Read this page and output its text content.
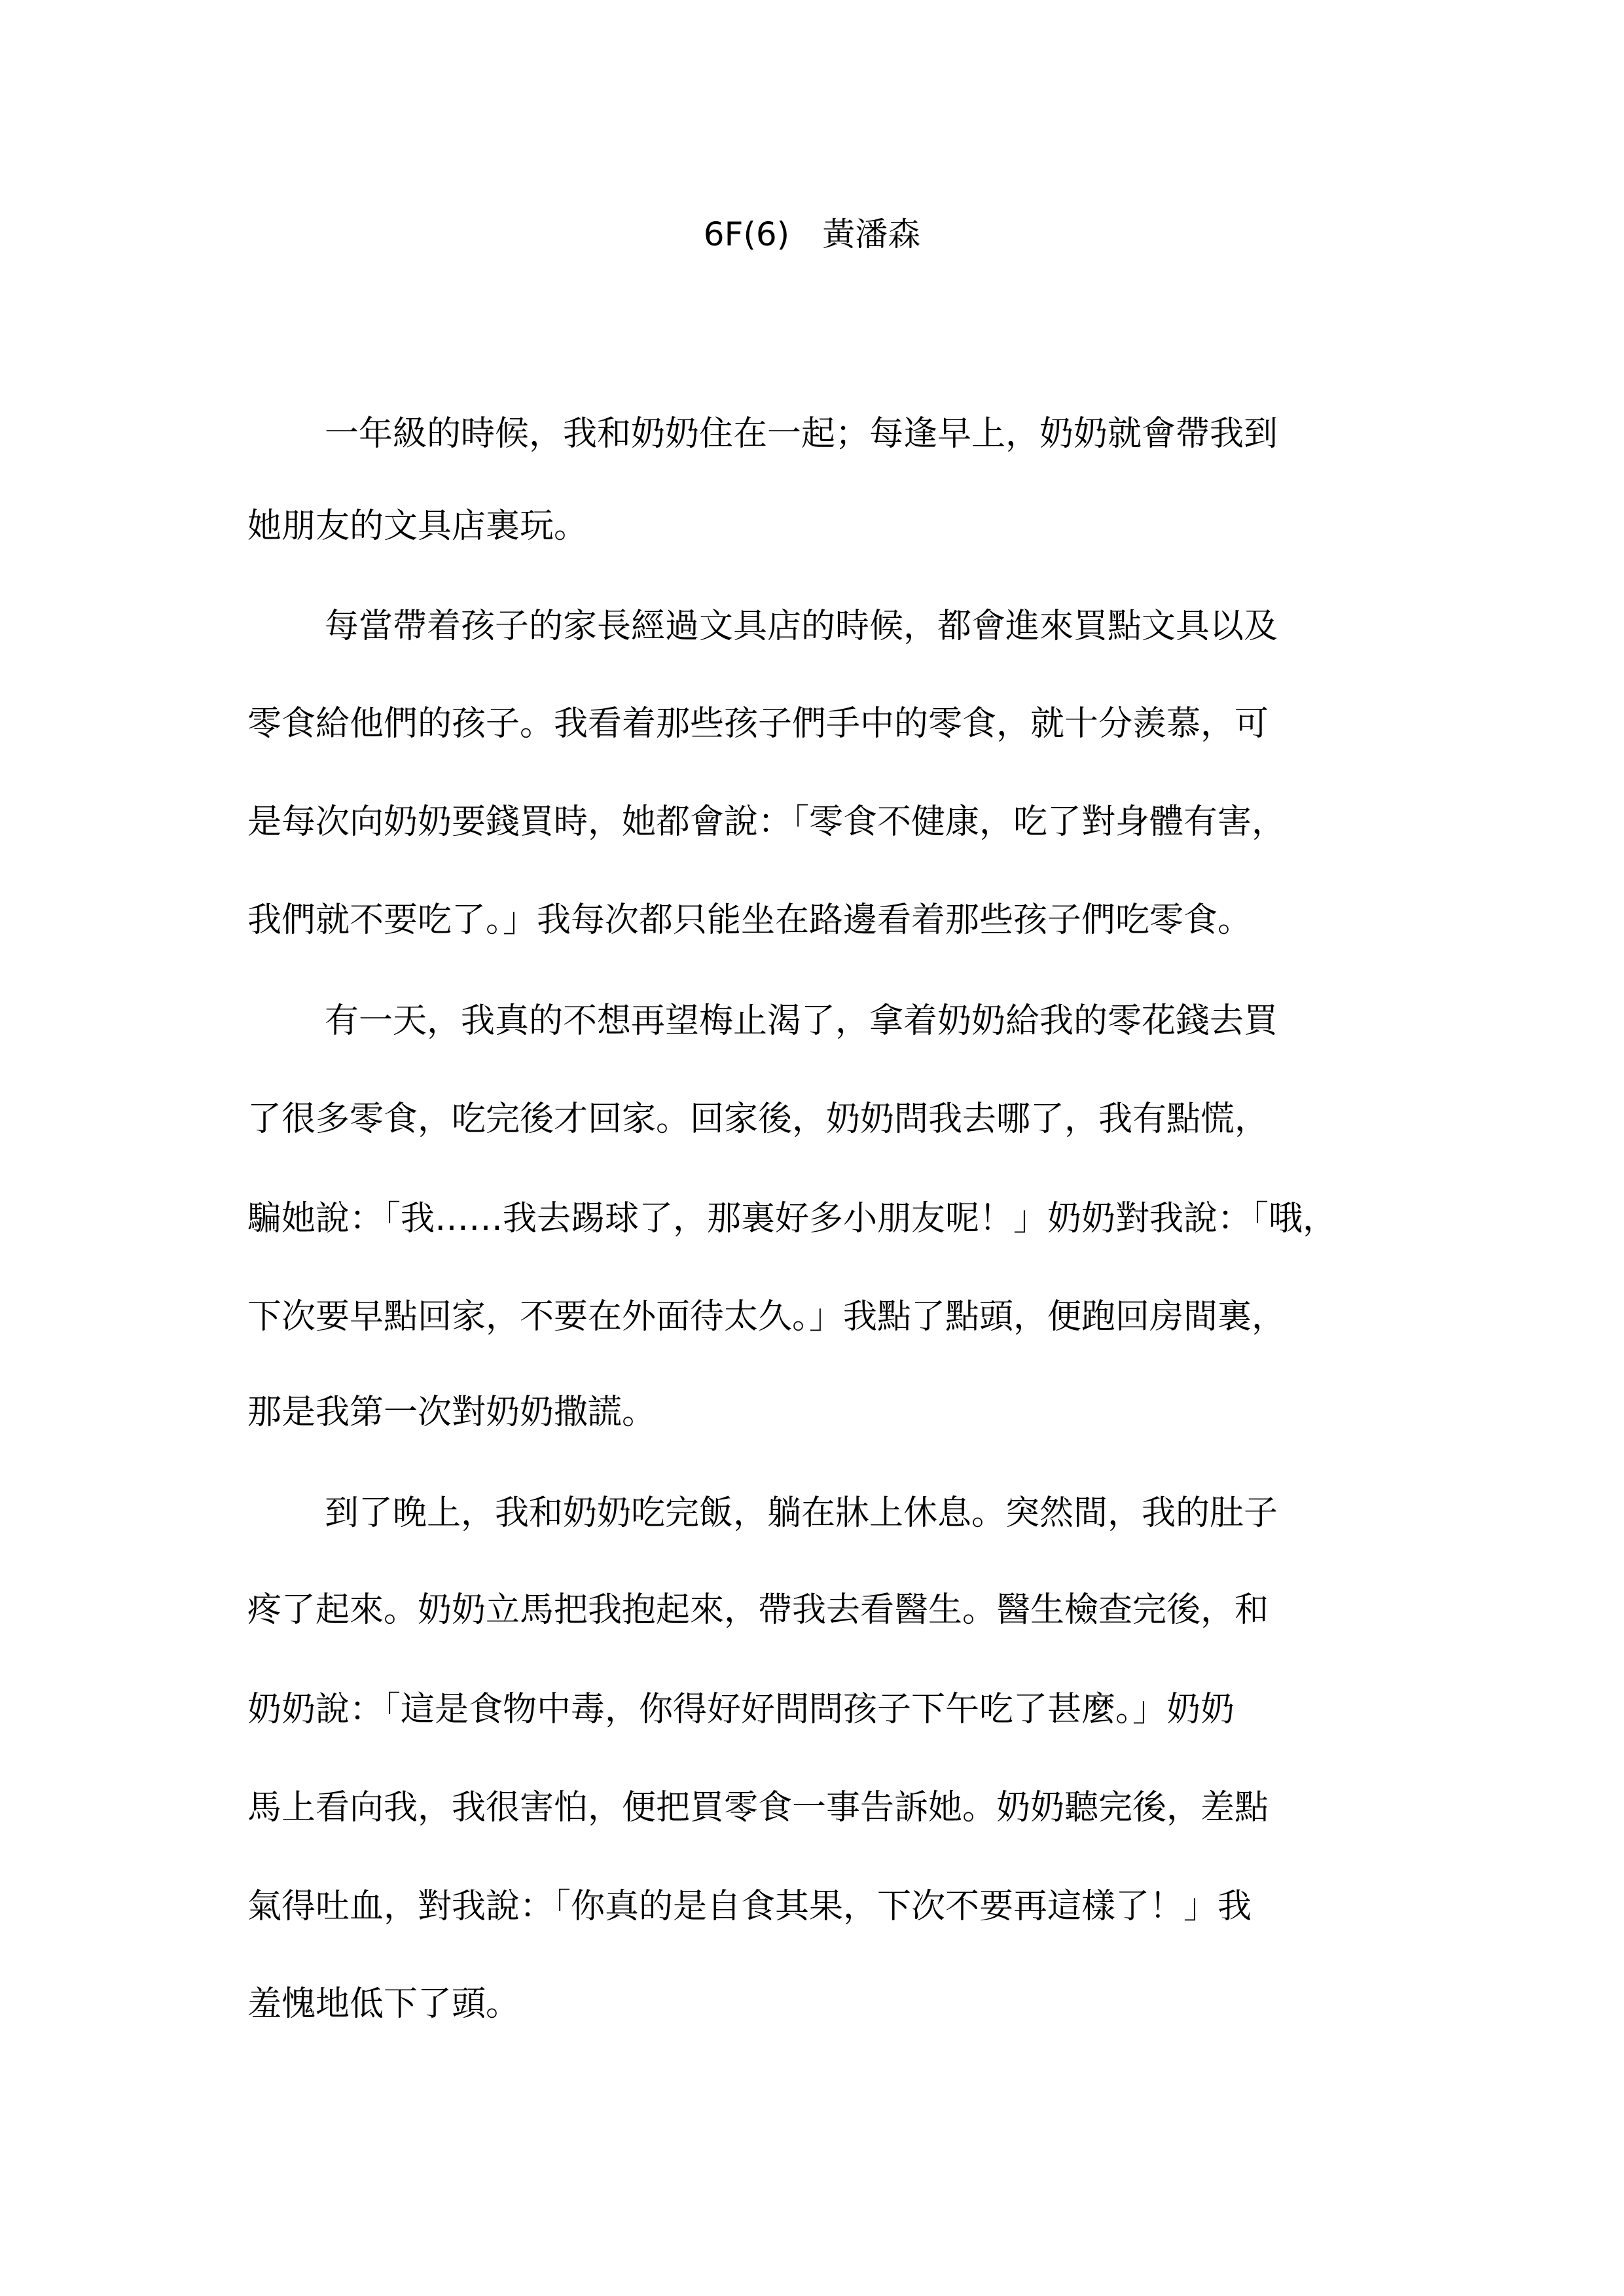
6F(6)　黃潘森
一年級的時候，我和奶奶住在一起；每逢早上，奶奶就會帶我到
她朋友的文具店裏玩。
每當帶着孩子的家長經過文具店的時候，都會進來買點文具以及
零食給他們的孩子。我看着那些孩子們手中的零食，就十分羨慕，可
是每次向奶奶要錢買時，她都會說：「零食不健康，吃了對身體有害，
我們就不要吃了。」我每次都只能坐在路邊看着那些孩子們吃零食。
有一天，我真的不想再望梅止渴了，拿着奶奶給我的零花錢去買
了很多零食，吃完後才回家。回家後，奶奶問我去哪了，我有點慌，
騙她說：「我……我去踢球了，那裏好多小朋友呢！」奶奶對我說：「哦，
下次要早點回家，不要在外面待太久。」我點了點頭，便跑回房間裏，
那是我第一次對奶奶撒謊。
到了晚上，我和奶奶吃完飯，躺在牀上休息。突然間，我的肚子
疼了起來。奶奶立馬把我抱起來，帶我去看醫生。醫生檢查完後，和
奶奶說：「這是食物中毒，你得好好問問孩子下午吃了甚麼。」奶奶
馬上看向我，我很害怕，便把買零食一事告訴她。奶奶聽完後，差點
氣得吐血，對我說：「你真的是自食其果，下次不要再這樣了！」我
羞愧地低下了頭。
